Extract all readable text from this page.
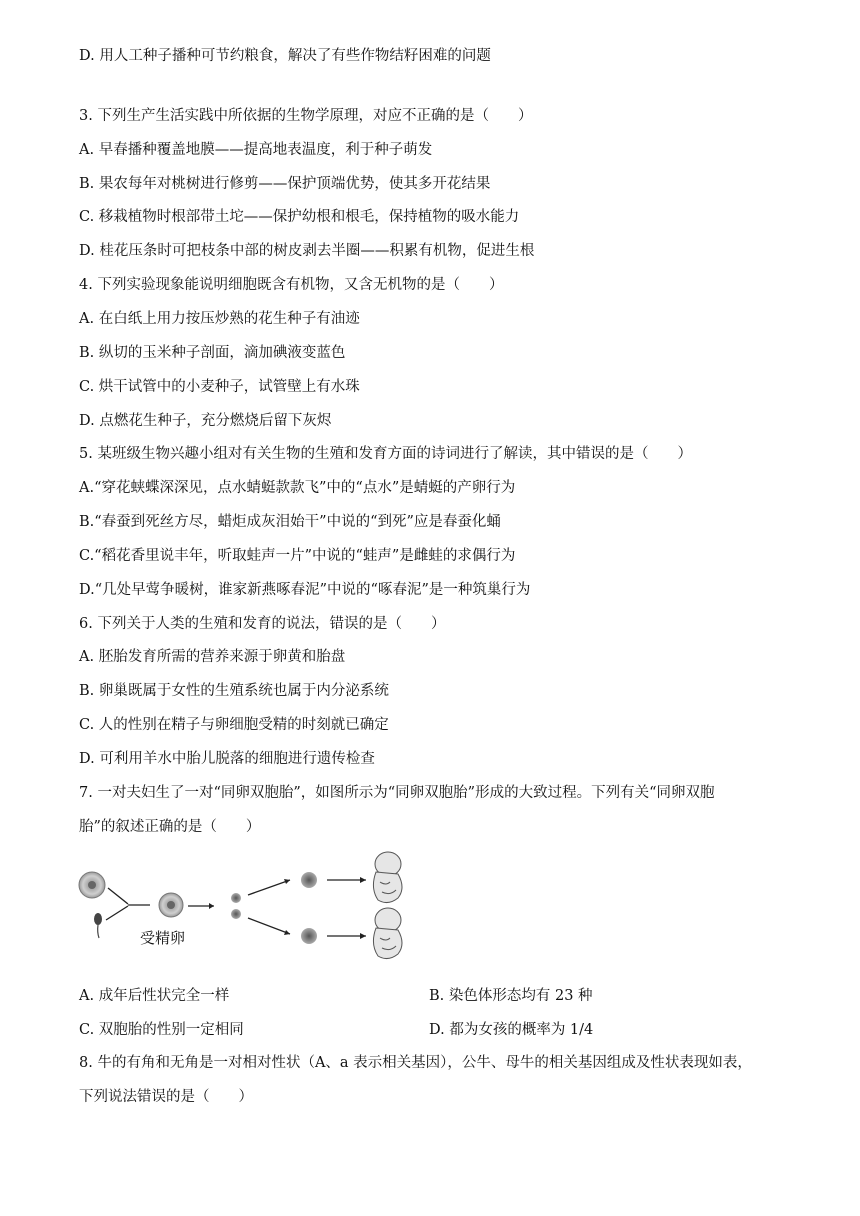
D. 用人工种子播种可节约粮食，解决了有些作物结籽困难的问题
3. 下列生产生活实践中所依据的生物学原理，对应不正确的是（　　）
A. 早春播种覆盖地膜——提高地表温度，利于种子萌发
B. 果农每年对桃树进行修剪——保护顶端优势，使其多开花结果
C. 移栽植物时根部带土坨——保护幼根和根毛，保持植物的吸水能力
D. 桂花压条时可把枝条中部的树皮剥去半圈——积累有机物，促进生根
4. 下列实验现象能说明细胞既含有机物，又含无机物的是（　　）
A. 在白纸上用力按压炒熟的花生种子有油迹
B. 纵切的玉米种子剖面，滴加碘液变蓝色
C. 烘干试管中的小麦种子，试管壁上有水珠
D. 点燃花生种子，充分燃烧后留下灰烬
5. 某班级生物兴趣小组对有关生物的生殖和发育方面的诗词进行了解读，其中错误的是（　　）
A.“穿花蛱蝶深深见，点水蜻蜓款款飞”中的“点水”是蜻蜓的产卵行为
B.“春蚕到死丝方尽，蜡炬成灰泪始干”中说的“到死”应是春蚕化蛹
C.“稻花香里说丰年，听取蛙声一片”中说的“蛙声”是雌蛙的求偶行为
D.“几处早莺争暖树，谁家新燕啄春泥”中说的“啄春泥”是一种筑巢行为
6. 下列关于人类的生殖和发育的说法，错误的是（　　）
A. 胚胎发育所需的营养来源于卵黄和胎盘
B. 卵巢既属于女性的生殖系统也属于内分泌系统
C. 人的性别在精子与卵细胞受精的时刻就已确定
D. 可利用羊水中胎儿脱落的细胞进行遗传检查
7. 一对夫妇生了一对“同卵双胞胎”，如图所示为“同卵双胞胎”形成的大致过程。下列有关“同卵双胞
胎”的叙述正确的是（　　）
受精卵
A. 成年后性状完全一样	B. 染色体形态均有 23 种
C. 双胞胎的性别一定相同	D. 都为女孩的概率为 1/4
8. 牛的有角和无角是一对相对性状（A、a 表示相关基因），公牛、母牛的相关基因组成及性状表现如表，
下列说法错误的是（　　）
